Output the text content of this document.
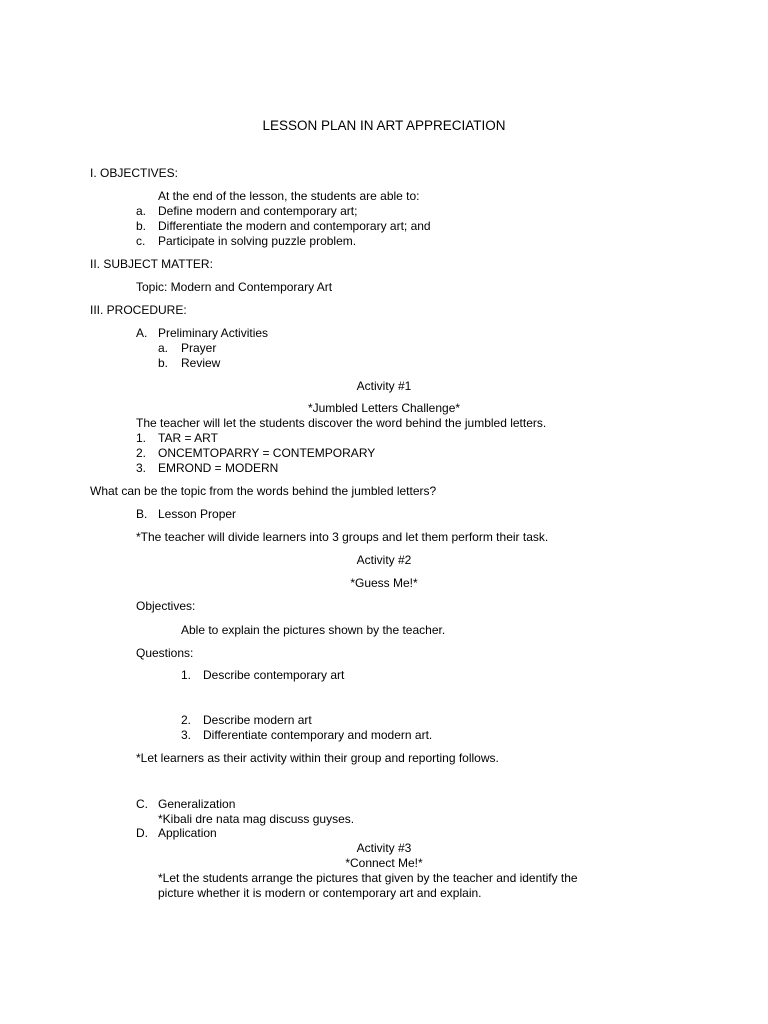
LESSON PLAN IN ART APPRECIATION
I. OBJECTIVES:
At the end of the lesson, the students are able to:
a. Define modern and contemporary art;
b. Differentiate the modern and contemporary art; and
c. Participate in solving puzzle problem.
II. SUBJECT MATTER:
Topic: Modern and Contemporary Art
III. PROCEDURE:
A. Preliminary Activities
a. Prayer
b. Review
Activity #1
*Jumbled Letters Challenge*
The teacher will let the students discover the word behind the jumbled letters.
1. TAR = ART
2. ONCEMTOPARRY = CONTEMPORARY
3. EMROND = MODERN
What can be the topic from the words behind the jumbled letters?
B. Lesson Proper
*The teacher will divide learners into 3 groups and let them perform their task.
Activity #2
*Guess Me!*
Objectives:
Able to explain the pictures shown by the teacher.
Questions:
1. Describe contemporary art
2. Describe modern art
3. Differentiate contemporary and modern art.
*Let learners as their activity within their group and reporting follows.
C. Generalization
*Kibali dre nata mag discuss guyses.
D. Application
Activity #3
*Connect Me!*
*Let the students arrange the pictures that given by the teacher and identify the
picture whether it is modern or contemporary art and explain.
